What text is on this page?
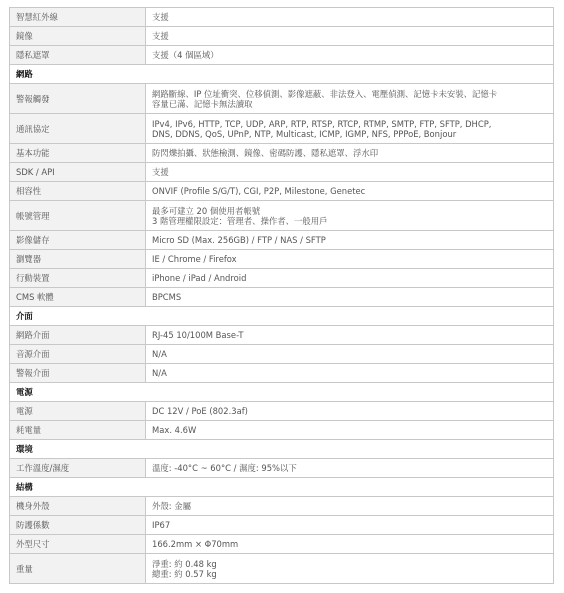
智慧紅外線	支援

鏡像	支援

隱私遮罩	支援（4 個區域）

網路	
警報觸發	網路斷線、IP 位址衝突、位移偵測、影像遮蔽、非法登入、電壓偵測、記憶卡未安裝、記憶卡
容量已滿、記憶卡無法讀取

通訊協定	IPv4, IPv6, HTTP, TCP, UDP, ARP, RTP, RTSP, RTCP, RTMP, SMTP, FTP, SFTP, DHCP,
DNS, DDNS, QoS, UPnP, NTP, Multicast, ICMP, IGMP, NFS, PPPoE, Bonjour

基本功能	防閃爍拍攝、狀態檢測、鏡像、密碼防護、隱私遮罩、浮水印

SDK / API	支援

相容性	ONVIF (Profile S/G/T), CGI, P2P, Milestone, Genetec

帳號管理	最多可建立 20 個使用者帳號
3 階管理權限設定：管理者、操作者、一般用戶

影像儲存	Micro SD (Max. 256GB) / FTP / NAS / SFTP

瀏覽器	IE / Chrome / Firefox

行動裝置	iPhone / iPad / Android

CMS 軟體	BPCMS

介面	
網路介面	RJ-45 10/100M Base-T

音源介面	N/A

警報介面	N/A

電源	
電源	DC 12V / PoE (802.3af)

耗電量	Max. 4.6W

環境	
工作溫度/濕度	溫度: -40°C ~ 60°C / 濕度: 95%以下

結構	
機身外殼	外殼: 金屬

防護係數	IP67

外型尺寸	166.2mm × Φ70mm

重量	淨重: 約 0.48 kg
總重: 約 0.57 kg
